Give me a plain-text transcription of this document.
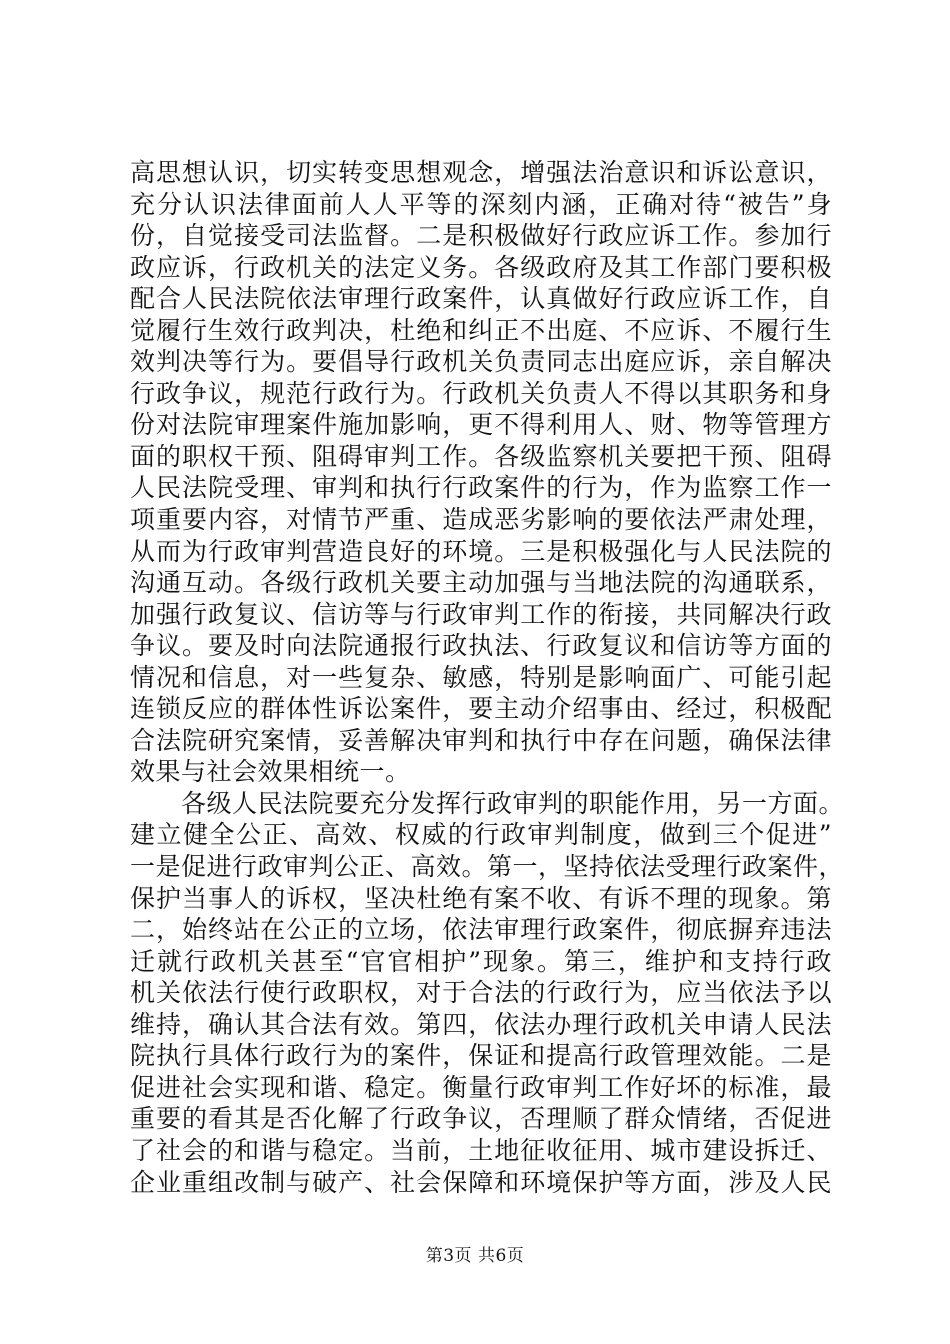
高思想认识，切实转变思想观念，增强法治意识和诉讼意识，
充分认识法律面前人人平等的深刻内涵，正确对待“被告”身
份，自觉接受司法监督。二是积极做好行政应诉工作。参加行
政应诉，行政机关的法定义务。各级政府及其工作部门要积极
配合人民法院依法审理行政案件，认真做好行政应诉工作，自
觉履行生效行政判决，杜绝和纠正不出庭、不应诉、不履行生
效判决等行为。要倡导行政机关负责同志出庭应诉，亲自解决
行政争议，规范行政行为。行政机关负责人不得以其职务和身
份对法院审理案件施加影响，更不得利用人、财、物等管理方
面的职权干预、阻碍审判工作。各级监察机关要把干预、阻碍
人民法院受理、审判和执行行政案件的行为，作为监察工作一
项重要内容，对情节严重、造成恶劣影响的要依法严肃处理，
从而为行政审判营造良好的环境。三是积极强化与人民法院的
沟通互动。各级行政机关要主动加强与当地法院的沟通联系，
加强行政复议、信访等与行政审判工作的衔接，共同解决行政
争议。要及时向法院通报行政执法、行政复议和信访等方面的
情况和信息，对一些复杂、敏感，特别是影响面广、可能引起
连锁反应的群体性诉讼案件，要主动介绍事由、经过，积极配
合法院研究案情，妥善解决审判和执行中存在问题，确保法律
效果与社会效果相统一。
　　各级人民法院要充分发挥行政审判的职能作用，另一方面。
建立健全公正、高效、权威的行政审判制度，做到三个促进”
一是促进行政审判公正、高效。第一，坚持依法受理行政案件，
保护当事人的诉权，坚决杜绝有案不收、有诉不理的现象。第
二，始终站在公正的立场，依法审理行政案件，彻底摒弃违法
迁就行政机关甚至“官官相护”现象。第三，维护和支持行政
机关依法行使行政职权，对于合法的行政行为，应当依法予以
维持，确认其合法有效。第四，依法办理行政机关申请人民法
院执行具体行政行为的案件，保证和提高行政管理效能。二是
促进社会实现和谐、稳定。衡量行政审判工作好坏的标准，最
重要的看其是否化解了行政争议，否理顺了群众情绪，否促进
了社会的和谐与稳定。当前，土地征收征用、城市建设拆迁、
企业重组改制与破产、社会保障和环境保护等方面，涉及人民
第3页 共6页
